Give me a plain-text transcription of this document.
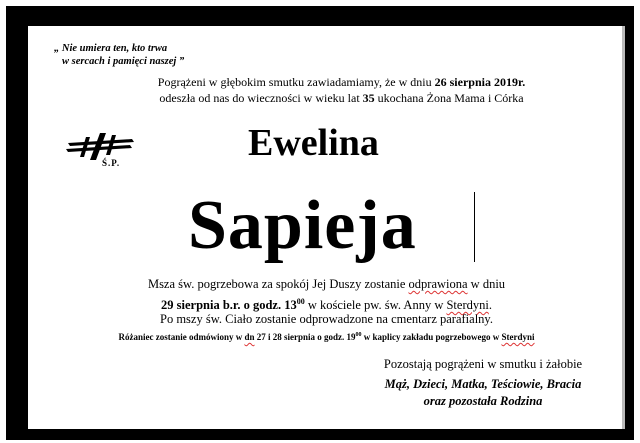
„ Nie umiera ten, kto trwa
w sercach i pamięci naszej ”
Pogrążeni w głębokim smutku zawiadamiamy, że w dniu 26 sierpnia 2019r.
odeszła od nas do wieczności w wieku lat 35 ukochana Żona Mama i Córka
Ś.P.	Ewelina
Sapieja
Msza św. pogrzebowa za spokój Jej Duszy zostanie odprawiona w dniu
29 sierpnia b.r. o godz. $13^{00}$ w kościele pw. św. Anny w Sterdyni.
Po mszy św. Ciało zostanie odprowadzone na cmentarz parafialny.
Różaniec zostanie odmówiony w dn 27 i 28 sierpnia o godz. $19^{00}$ w kaplicy zakładu pogrzebowego w Sterdyni
Pozostają pogrążeni w smutku i żałobie
Mąż, Dzieci, Matka, Teściowie, Bracia
oraz pozostała Rodzina
